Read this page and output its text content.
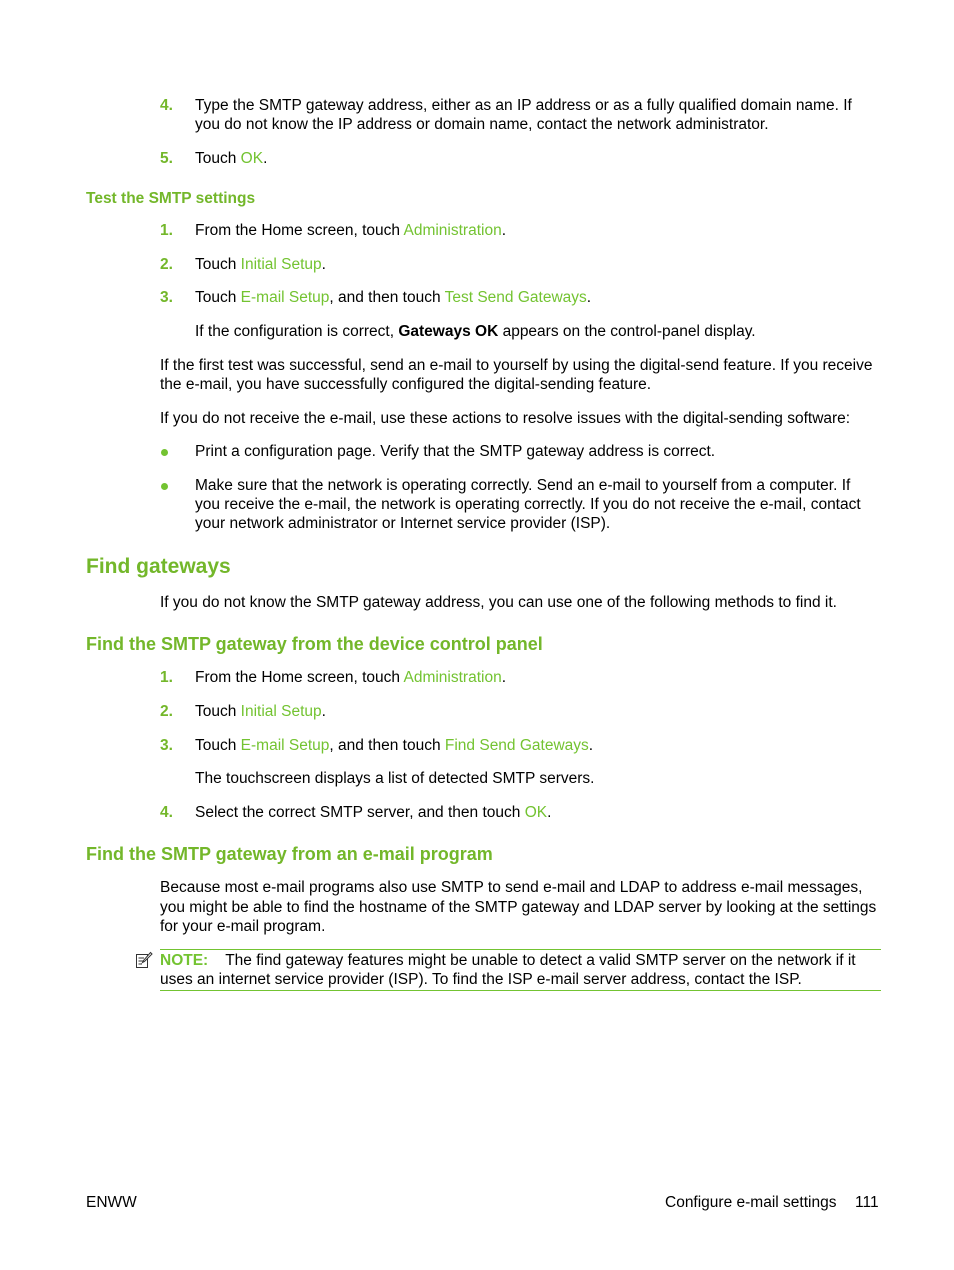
4.	Type the SMTP gateway address, either as an IP address or as a fully qualified domain name. If
you do not know the IP address or domain name, contact the network administrator.
5.	Touch OK.
Test the SMTP settings
1.	From the Home screen, touch Administration.
2.	Touch Initial Setup.
3.	Touch E-mail Setup, and then touch Test Send Gateways.
If the configuration is correct, Gateways OK appears on the control-panel display.
If the first test was successful, send an e-mail to yourself by using the digital-send feature. If you receive
the e-mail, you have successfully configured the digital-sending feature.
If you do not receive the e-mail, use these actions to resolve issues with the digital-sending software:
Print a configuration page. Verify that the SMTP gateway address is correct.
Make sure that the network is operating correctly. Send an e-mail to yourself from a computer. If
you receive the e-mail, the network is operating correctly. If you do not receive the e-mail, contact
your network administrator or Internet service provider (ISP).
Find gateways
If you do not know the SMTP gateway address, you can use one of the following methods to find it.
Find the SMTP gateway from the device control panel
1.	From the Home screen, touch Administration.
2.	Touch Initial Setup.
3.	Touch E-mail Setup, and then touch Find Send Gateways.
The touchscreen displays a list of detected SMTP servers.
4.	Select the correct SMTP server, and then touch OK.
Find the SMTP gateway from an e-mail program
Because most e-mail programs also use SMTP to send e-mail and LDAP to address e-mail messages,
you might be able to find the hostname of the SMTP gateway and LDAP server by looking at the settings
for your e-mail program.
NOTE: The find gateway features might be unable to detect a valid SMTP server on the network if it
uses an internet service provider (ISP). To find the ISP e-mail server address, contact the ISP.
ENWW	Configure e-mail settings 111
